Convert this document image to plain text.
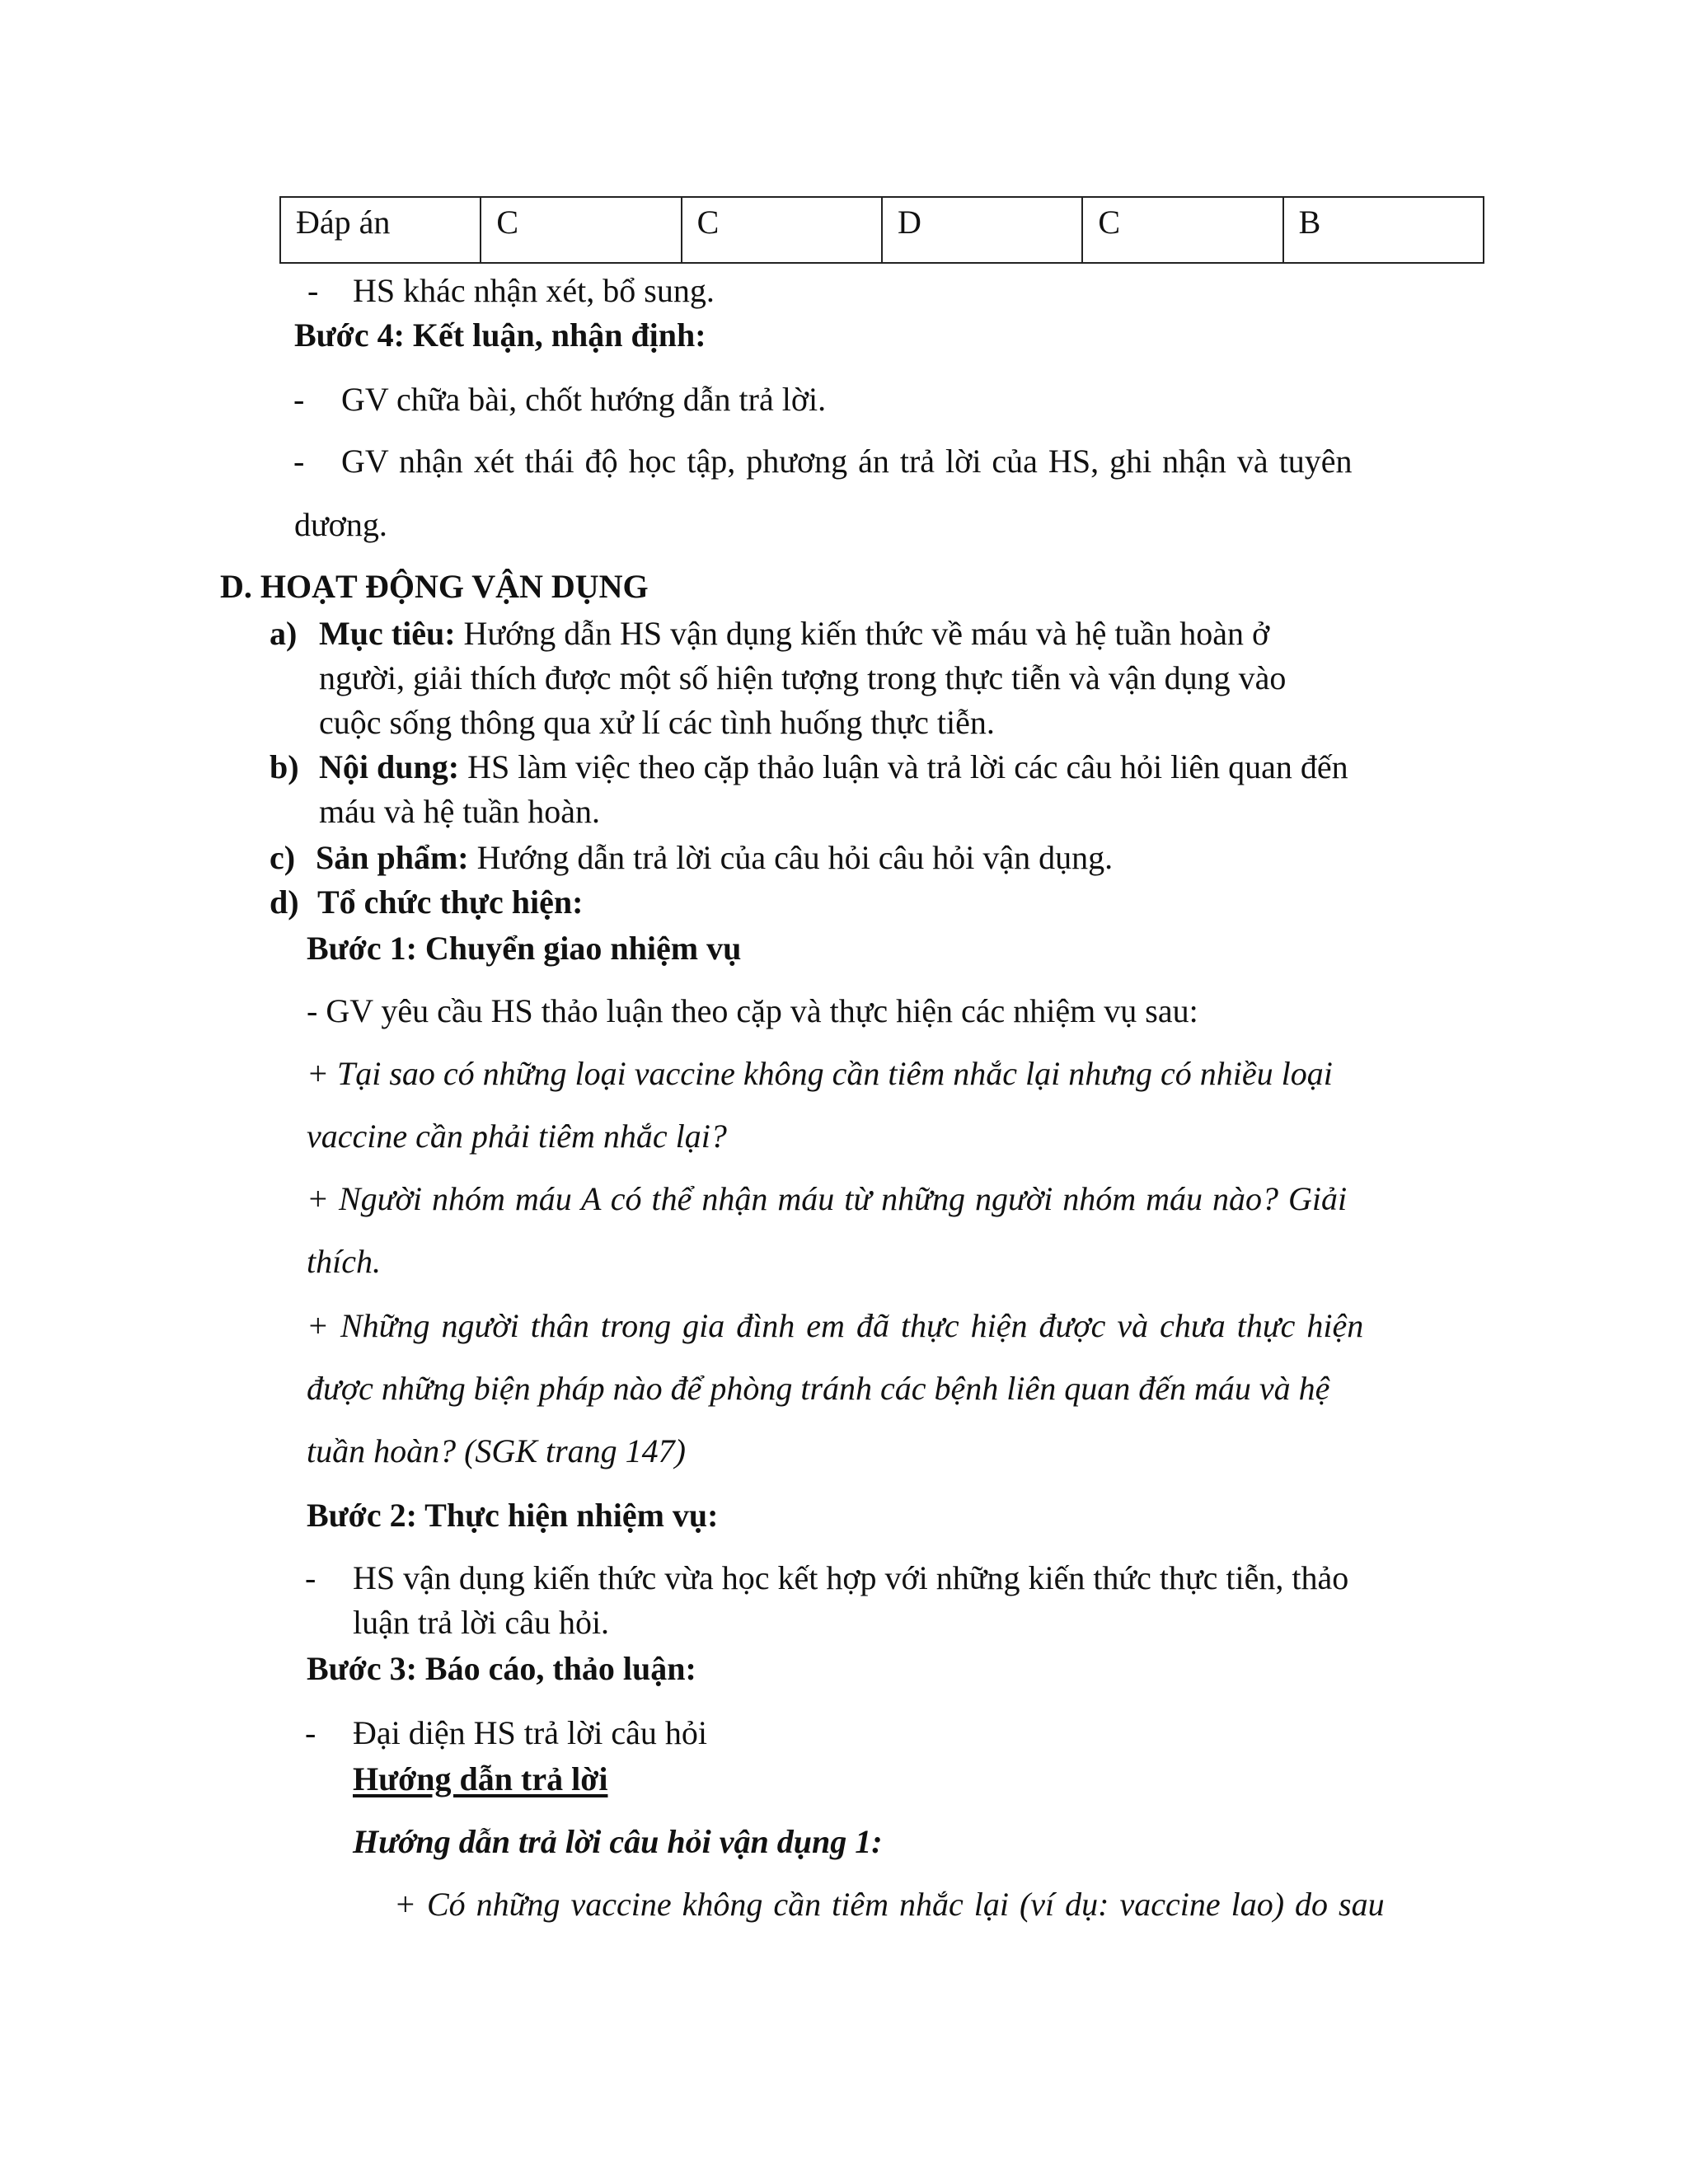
Đáp án	C	C	D	C	B
- HS khác nhận xét, bổ sung.
Bước 4: Kết luận, nhận định:
- GV chữa bài, chốt hướng dẫn trả lời.
- GV nhận xét thái độ học tập, phương án trả lời của HS, ghi nhận và tuyên
dương.
D. HOẠT ĐỘNG VẬN DỤNG
a) Mục tiêu: Hướng dẫn HS vận dụng kiến thức về máu và hệ tuần hoàn ở
người, giải thích được một số hiện tượng trong thực tiễn và vận dụng vào
cuộc sống thông qua xử lí các tình huống thực tiễn.
b) Nội dung: HS làm việc theo cặp thảo luận và trả lời các câu hỏi liên quan đến
máu và hệ tuần hoàn.
c) Sản phẩm: Hướng dẫn trả lời của câu hỏi câu hỏi vận dụng.
d) Tổ chức thực hiện:
Bước 1: Chuyển giao nhiệm vụ
- GV yêu cầu HS thảo luận theo cặp và thực hiện các nhiệm vụ sau:
+ Tại sao có những loại vaccine không cần tiêm nhắc lại nhưng có nhiều loại
vaccine cần phải tiêm nhắc lại?
+ Người nhóm máu A có thể nhận máu từ những người nhóm máu nào? Giải
thích.
+ Những người thân trong gia đình em đã thực hiện được và chưa thực hiện
được những biện pháp nào để phòng tránh các bệnh liên quan đến máu và hệ
tuần hoàn? (SGK trang 147)
Bước 2: Thực hiện nhiệm vụ:
- HS vận dụng kiến thức vừa học kết hợp với những kiến thức thực tiễn, thảo
luận trả lời câu hỏi.
Bước 3: Báo cáo, thảo luận:
- Đại diện HS trả lời câu hỏi
Hướng dẫn trả lời
Hướng dẫn trả lời câu hỏi vận dụng 1:
+ Có những vaccine không cần tiêm nhắc lại (ví dụ: vaccine lao) do sau
